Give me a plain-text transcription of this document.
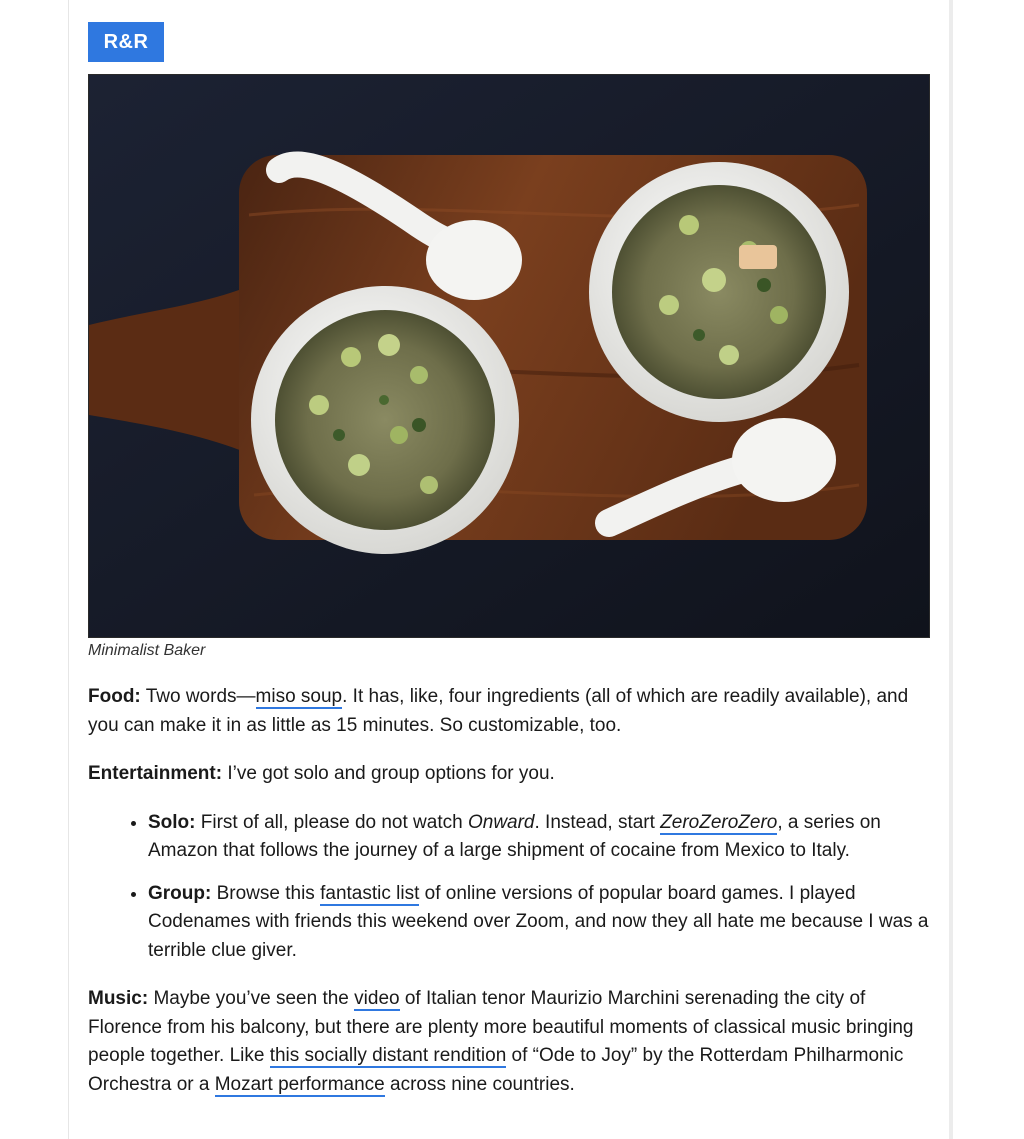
R&R
Minimalist Baker

Food: Two words—miso soup. It has, like, four ingredients (all of which are readily available), and you can make it in as little as 15 minutes. So customizable, too.

Entertainment: I’ve got solo and group options for you.

• Solo: First of all, please do not watch Onward. Instead, start ZeroZeroZero, a series on Amazon that follows the journey of a large shipment of cocaine from Mexico to Italy.
• Group: Browse this fantastic list of online versions of popular board games. I played Codenames with friends this weekend over Zoom, and now they all hate me because I was a terrible clue giver.

Music: Maybe you’ve seen the video of Italian tenor Maurizio Marchini serenading the city of Florence from his balcony, but there are plenty more beautiful moments of classical music bringing people together. Like this socially distant rendition of “Ode to Joy” by the Rotterdam Philharmonic Orchestra or a Mozart performance across nine countries.
